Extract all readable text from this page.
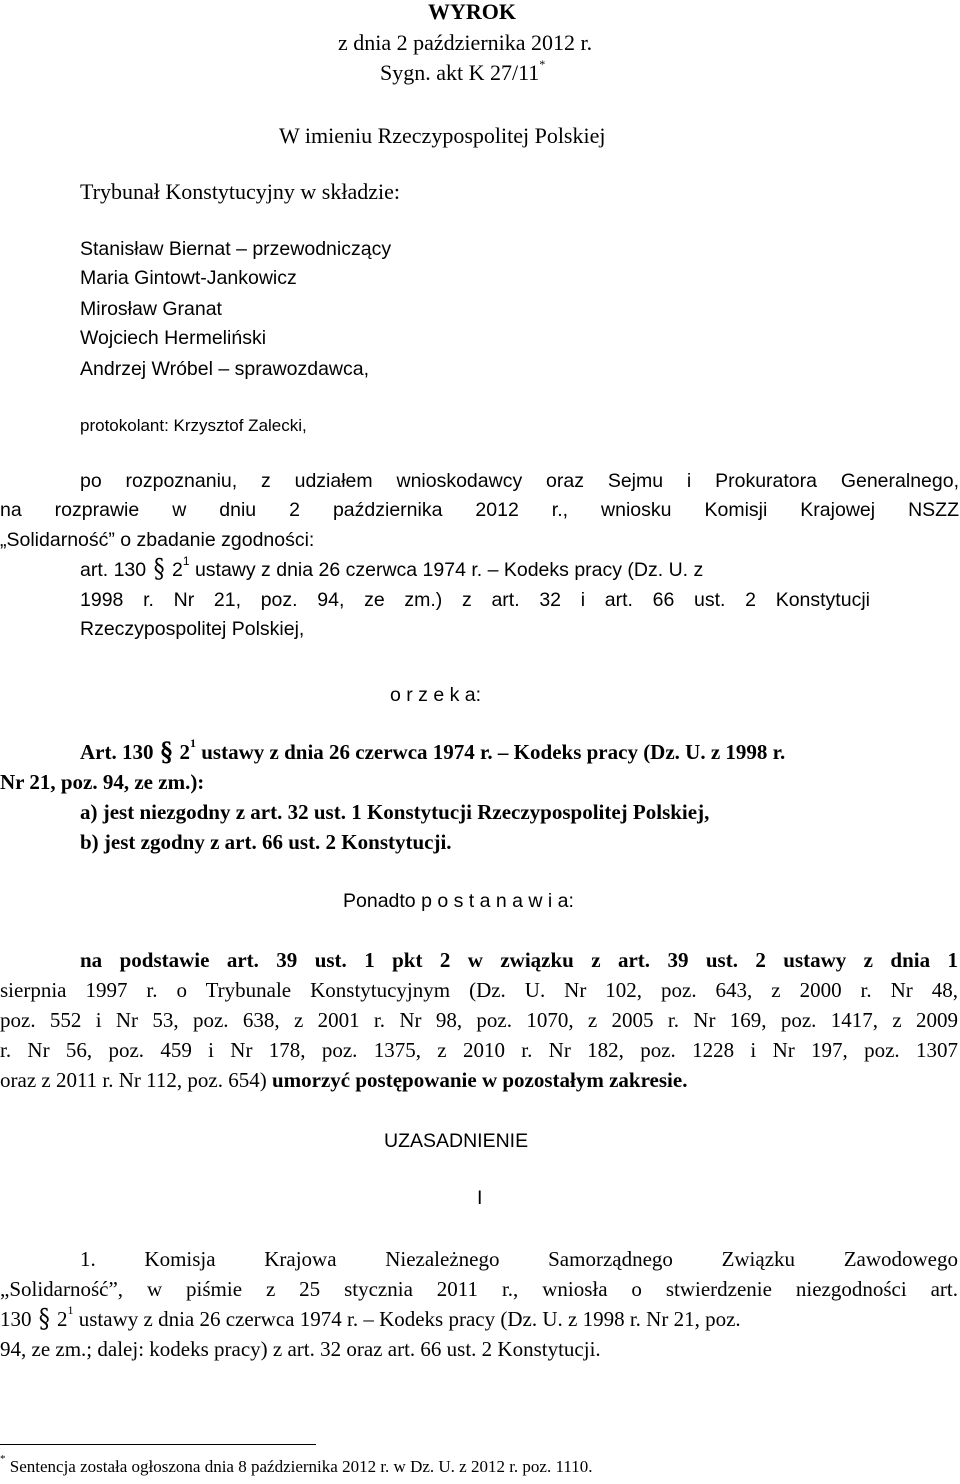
WYROK
z dnia 2 października 2012 r.
Sygn. akt K 27/11*
W imieniu Rzeczypospolitej Polskiej
Trybunał Konstytucyjny w składzie:
Stanisław Biernat – przewodniczący
Maria Gintowt-Jankowicz
Mirosław Granat
Wojciech Hermeliński
Andrzej Wróbel – sprawozdawca,
protokolant: Krzysztof Zalecki,
po rozpoznaniu, z udziałem wnioskodawcy oraz Sejmu i Prokuratora Generalnego,
na rozprawie w dniu 2 października 2012 r., wniosku Komisji Krajowej NSZZ
„Solidarność” o zbadanie zgodności:
art. 130 § $2^1$ ustawy z dnia 26 czerwca 1974 r. – Kodeks pracy (Dz. U. z
1998 r. Nr 21, poz. 94, ze zm.) z art. 32 i art. 66 ust. 2 Konstytucji
Rzeczypospolitej Polskiej,
o r z e k a:
Art. 130 § $2^1$ ustawy z dnia 26 czerwca 1974 r. – Kodeks pracy (Dz. U. z 1998 r.
Nr 21, poz. 94, ze zm.):
a) jest niezgodny z art. 32 ust. 1 Konstytucji Rzeczypospolitej Polskiej,
b) jest zgodny z art. 66 ust. 2 Konstytucji.
Ponadto p o s t a n a w i a:
na podstawie art. 39 ust. 1 pkt 2 w związku z art. 39 ust. 2 ustawy z dnia 1
sierpnia 1997 r. o Trybunale Konstytucyjnym (Dz. U. Nr 102, poz. 643, z 2000 r. Nr 48,
poz. 552 i Nr 53, poz. 638, z 2001 r. Nr 98, poz. 1070, z 2005 r. Nr 169, poz. 1417, z 2009
r. Nr 56, poz. 459 i Nr 178, poz. 1375, z 2010 r. Nr 182, poz. 1228 i Nr 197, poz. 1307
oraz z 2011 r. Nr 112, poz. 654) umorzyć postępowanie w pozostałym zakresie.
UZASADNIENIE
I
1. Komisja Krajowa Niezależnego Samorządnego Związku Zawodowego
„Solidarność”, w piśmie z 25 stycznia 2011 r., wniosła o stwierdzenie niezgodności art.
130 § $2^1$ ustawy z dnia 26 czerwca 1974 r. – Kodeks pracy (Dz. U. z 1998 r. Nr 21, poz.
94, ze zm.; dalej: kodeks pracy) z art. 32 oraz art. 66 ust. 2 Konstytucji.
* Sentencja została ogłoszona dnia 8 października 2012 r. w Dz. U. z 2012 r. poz. 1110.
